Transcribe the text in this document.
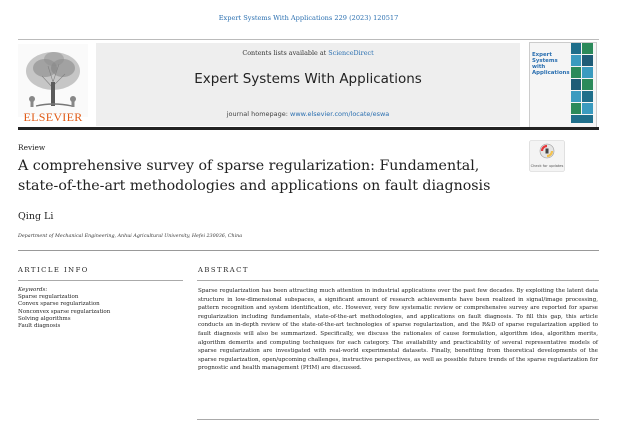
Expert Systems With Applications 229 (2023) 120517
ELSEVIER
Contents lists available at ScienceDirect
Expert Systems With Applications
journal homepage: www.elsevier.com/locate/eswa
Expert Systems with Applications
Review
A comprehensive survey of sparse regularization: Fundamental, state-of-the-art methodologies and applications on fault diagnosis
Check for updates
Qing Li
Department of Mechanical Engineering, Anhui Agricultural University, Hefei 230036, China
ARTICLE INFO	ABSTRACT
Keywords:
Sparse regularization
Convex sparse regularization
Nonconvex sparse regularization
Solving algorithms
Fault diagnosis

Sparse regularization has been attracting much attention in industrial applications over the past few decades. By exploiting the latent data structure in low-dimensional subspaces, a significant amount of research achievements have been realized in signal/image processing, pattern recognition and system identification, etc. However, very few systematic review or comprehensive survey are reported for sparse regularization including fundamentals, state-of-the-art methodologies, and applications on fault diagnosis. To fill this gap, this article conducts an in-depth review of the state-of-the-art technologies of sparse regularization, and the R&D of sparse regularization applied to fault diagnosis will also be summarized. Specifically, we discuss the rationales of cause formulation, algorithm idea, algorithm merits, algorithm demerits and computing techniques for each category. The availability and practicability of several representative models of sparse regularization are investigated with real-world experimental datasets. Finally, benefiting from theoretical developments of the sparse regularization, open/upcoming challenges, instructive perspectives, as well as possible future trends of the sparse regularization for prognostic and health management (PHM) are discussed.
